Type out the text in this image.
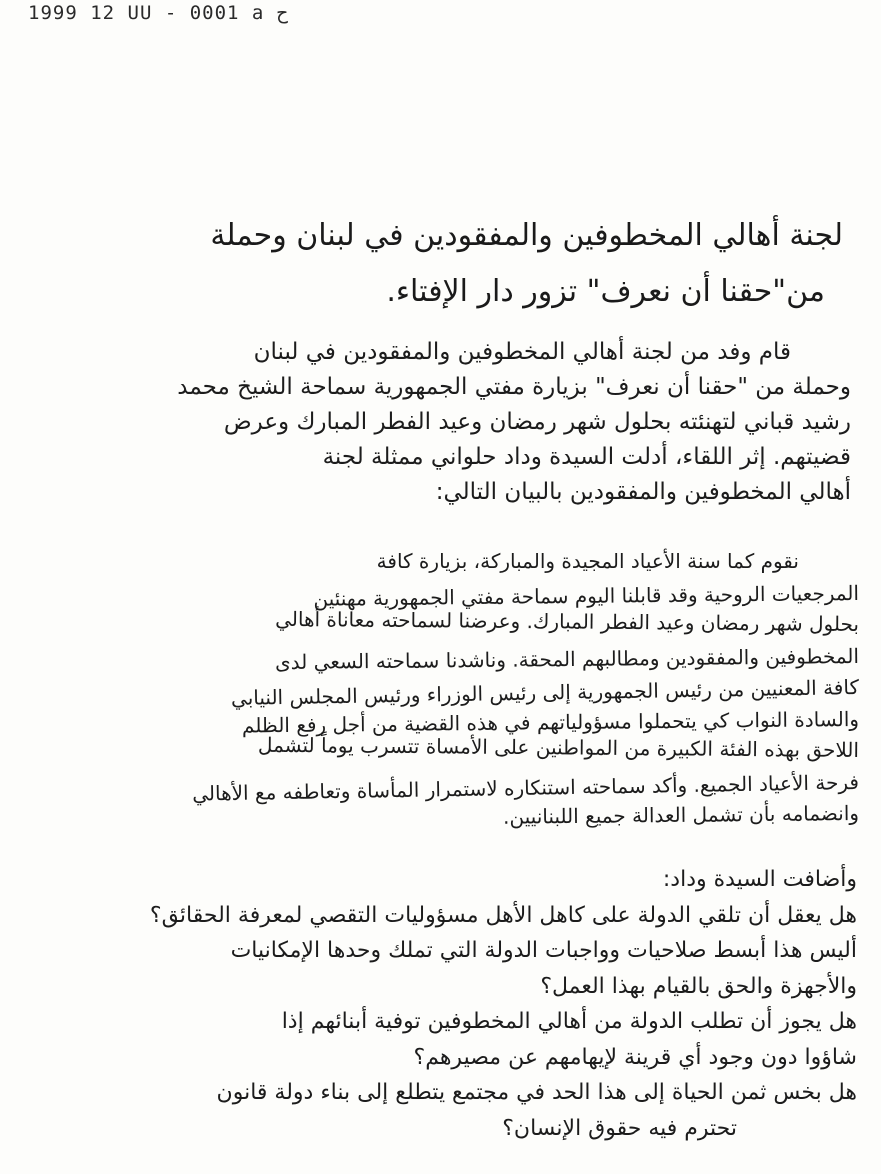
1999 12 UU - 0001 a ح
لجنة أهالي المخطوفين والمفقودين في لبنان وحملة
من"حقنا أن نعرف" تزور دار الإفتاء.
قام وفد من لجنة أهالي المخطوفين والمفقودين في لبنان
وحملة من "حقنا أن نعرف" بزيارة مفتي الجمهورية سماحة الشيخ محمد
رشيد قباني لتهنئته بحلول شهر رمضان وعيد الفطر المبارك وعرض
قضيتهم. إثر اللقاء، أدلت السيدة وداد حلواني ممثلة لجنة
أهالي المخطوفين والمفقودين بالبيان التالي:
نقوم كما سنة الأعياد المجيدة والمباركة، بزيارة كافة
المرجعيات الروحية وقد قابلنا اليوم سماحة مفتي الجمهورية مهنئين
بحلول شهر رمضان وعيد الفطر المبارك. وعرضنا لسماحته معاناة أهالي
المخطوفين والمفقودين ومطالبهم المحقة. وناشدنا سماحته السعي لدى
كافة المعنيين من رئيس الجمهورية إلى رئيس الوزراء ورئيس المجلس النيابي
والسادة النواب كي يتحملوا مسؤولياتهم في هذه القضية من أجل رفع الظلم
اللاحق بهذه الفئة الكبيرة من المواطنين على الأمساة تتسرب يوماً لتشمل
فرحة الأعياد الجميع. وأكد سماحته استنكاره لاستمرار المأساة وتعاطفه مع الأهالي
وانضمامه بأن تشمل العدالة جميع اللبنانيين.
وأضافت السيدة وداد:
هل يعقل أن تلقي الدولة على كاهل الأهل مسؤوليات التقصي لمعرفة الحقائق؟
أليس هذا أبسط صلاحيات وواجبات الدولة التي تملك وحدها الإمكانيات
والأجهزة والحق بالقيام بهذا العمل؟
هل يجوز أن تطلب الدولة من أهالي المخطوفين توفية أبنائهم إذا
شاؤوا دون وجود أي قرينة لإيهامهم عن مصيرهم؟
هل بخس ثمن الحياة إلى هذا الحد في مجتمع يتطلع إلى بناء دولة قانون
تحترم فيه حقوق الإنسان؟
